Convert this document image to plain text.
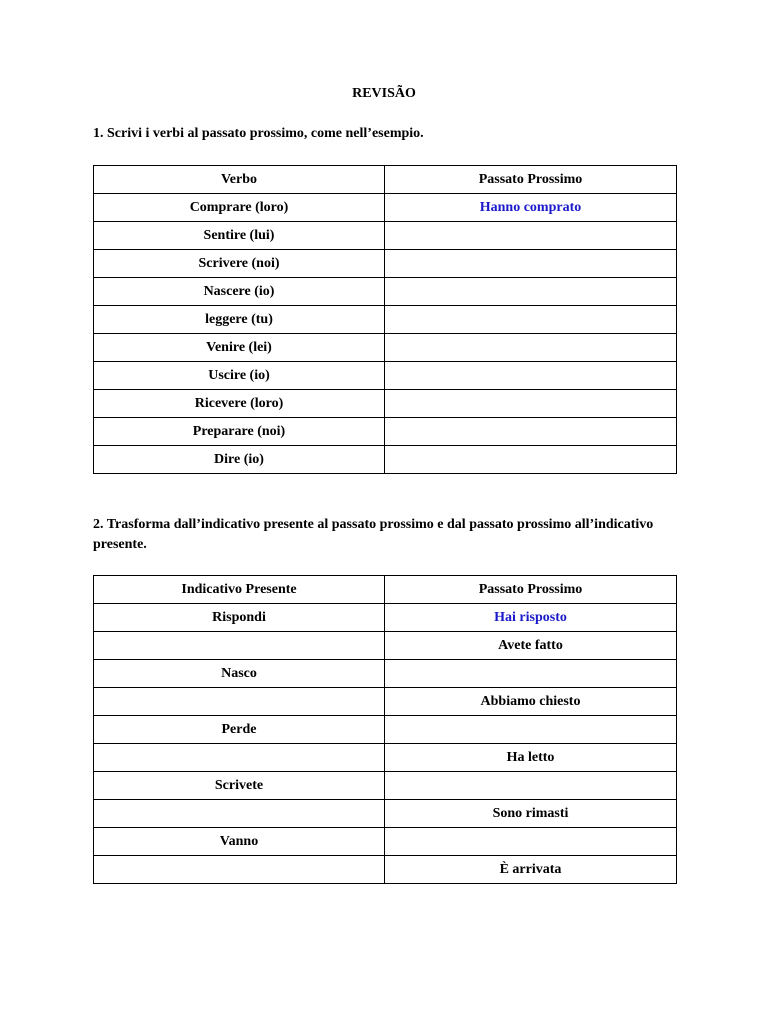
REVISÃO
1. Scrivi i verbi al passato prossimo, come nell’esempio.
Verbo	Passato Prossimo
Comprare (loro)	Hanno comprato
Sentire (lui)	
Scrivere (noi)	
Nascere (io)	
leggere (tu)	
Venire (lei)	
Uscire (io)	
Ricevere (loro)	
Preparare (noi)	
Dire (io)	
2. Trasforma dall’indicativo presente al passato prossimo e dal passato prossimo all’indicativo presente.
Indicativo Presente	Passato Prossimo
Rispondi	Hai risposto
	Avete fatto
Nasco	
	Abbiamo chiesto
Perde	
	Ha letto
Scrivete	
	Sono rimasti
Vanno	
	È arrivata
